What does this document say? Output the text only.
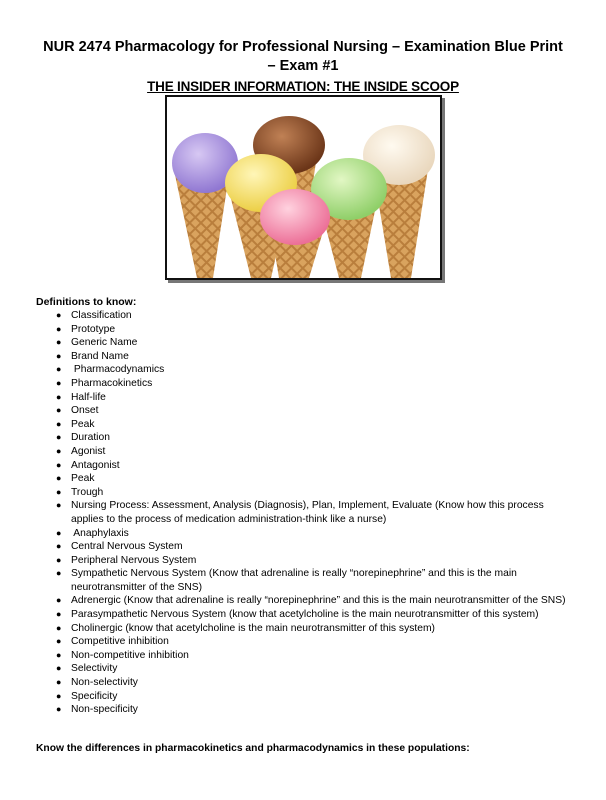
NUR 2474 Pharmacology for Professional Nursing – Examination Blue Print – Exam #1
THE INSIDER INFORMATION: THE INSIDE SCOOP
Definitions to know:
● Classification
● Prototype
● Generic Name
● Brand Name
● Pharmacodynamics
● Pharmacokinetics
● Half-life
● Onset
● Peak
● Duration
● Agonist
● Antagonist
● Peak
● Trough
● Nursing Process: Assessment, Analysis (Diagnosis), Plan, Implement, Evaluate (Know how this process applies to the process of medication administration-think like a nurse)
● Anaphylaxis
● Central Nervous System
● Peripheral Nervous System
● Sympathetic Nervous System (Know that adrenaline is really “norepinephrine” and this is the main neurotransmitter of the SNS)
● Adrenergic (Know that adrenaline is really “norepinephrine” and this is the main neurotransmitter of the SNS)
● Parasympathetic Nervous System (know that acetylcholine is the main neurotransmitter of this system)
● Cholinergic (know that acetylcholine is the main neurotransmitter of this system)
● Competitive inhibition
● Non-competitive inhibition
● Selectivity
● Non-selectivity
● Specificity
● Non-specificity
Know the differences in pharmacokinetics and pharmacodynamics in these populations:
